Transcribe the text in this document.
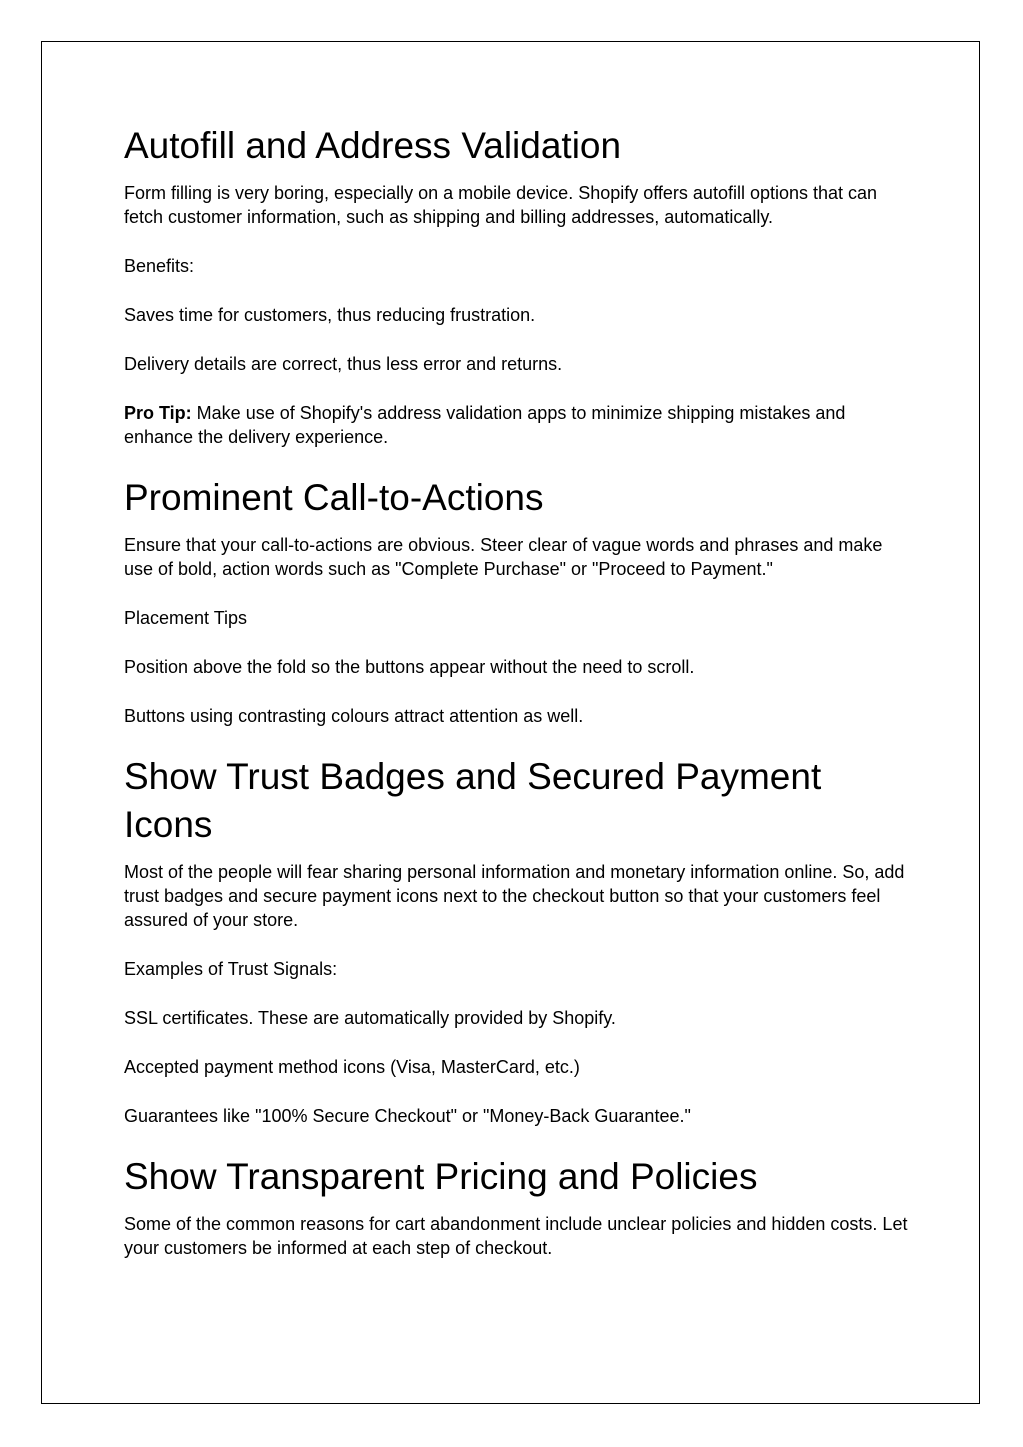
Autofill and Address Validation

Form filling is very boring, especially on a mobile device. Shopify offers autofill options that can fetch customer information, such as shipping and billing addresses, automatically.

Benefits:

Saves time for customers, thus reducing frustration.

Delivery details are correct, thus less error and returns.

Pro Tip: Make use of Shopify's address validation apps to minimize shipping mistakes and enhance the delivery experience.

Prominent Call-to-Actions

Ensure that your call-to-actions are obvious. Steer clear of vague words and phrases and make use of bold, action words such as "Complete Purchase" or "Proceed to Payment."

Placement Tips

Position above the fold so the buttons appear without the need to scroll.

Buttons using contrasting colours attract attention as well.

Show Trust Badges and Secured Payment Icons

Most of the people will fear sharing personal information and monetary information online. So, add trust badges and secure payment icons next to the checkout button so that your customers feel assured of your store.

Examples of Trust Signals:

SSL certificates. These are automatically provided by Shopify.

Accepted payment method icons (Visa, MasterCard, etc.)

Guarantees like "100% Secure Checkout" or "Money-Back Guarantee."

Show Transparent Pricing and Policies

Some of the common reasons for cart abandonment include unclear policies and hidden costs. Let your customers be informed at each step of checkout.
